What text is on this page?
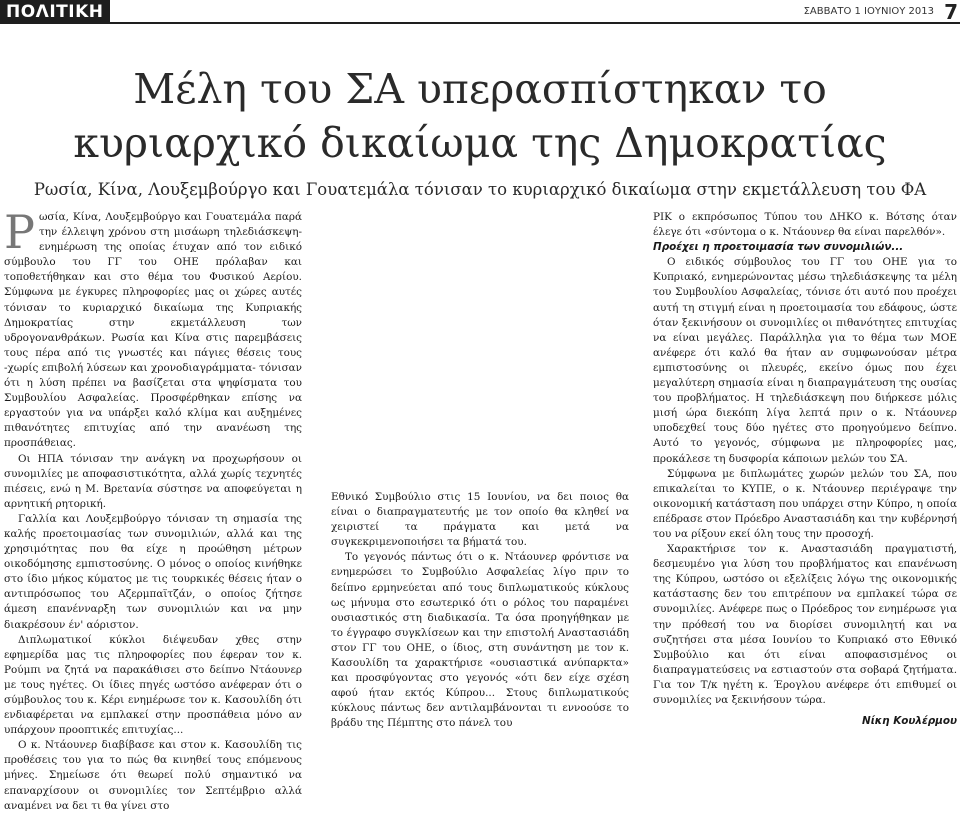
ΠΟΛΙΤΙΚΗ	ΣΑΒΒΑΤΟ 1 ΙΟΥΝΙΟΥ 2013 7
Μέλη του ΣΑ υπερασπίστηκαν το
κυριαρχικό δικαίωμα της Δημοκρατίας
Ρωσία, Κίνα, Λουξεμβούργο και Γουατεμάλα τόνισαν το κυριαρχικό δικαίωμα στην εκμετάλλευση του ΦΑ

Ρωσία, Κίνα, Λουξεμβούργο και Γουατεμάλα παρά την έλλειψη χρόνου στη μισάωρη τηλεδιάσκεψη-ενημέρωση της οποίας έτυχαν από τον ειδικό σύμβουλο του ΓΓ του ΟΗΕ πρόλαβαν και τοποθετήθηκαν και στο θέμα του Φυσικού Αερίου. Σύμφωνα με έγκυρες πληροφορίες μας οι χώρες αυτές τόνισαν το κυριαρχικό δικαίωμα της Κυπριακής Δημοκρατίας στην εκμετάλλευση των υδρογονανθράκων. Ρωσία και Κίνα στις παρεμβάσεις τους πέρα από τις γνωστές και πάγιες θέσεις τους -χωρίς επιβολή λύσεων και χρονοδιαγράμματα- τόνισαν ότι η λύση πρέπει να βασίζεται στα ψηφίσματα του Συμβουλίου Ασφαλείας. Προσφέρθηκαν επίσης να εργαστούν για να υπάρξει καλό κλίμα και αυξημένες πιθανότητες επιτυχίας από την ανανέωση της προσπάθειας.

Οι ΗΠΑ τόνισαν την ανάγκη να προχωρήσουν οι συνομιλίες με αποφασιστικότητα, αλλά χωρίς τεχνητές πιέσεις, ενώ η Μ. Βρετανία σύστησε να αποφεύγεται η αρνητική ρητορική.

Γαλλία και Λουξεμβούργο τόνισαν τη σημασία της καλής προετοιμασίας των συνομιλιών, αλλά και της χρησιμότητας που θα είχε η προώθηση μέτρων οικοδόμησης εμπιστοσύνης. Ο μόνος ο οποίος κινήθηκε στο ίδιο μήκος κύματος με τις τουρκικές θέσεις ήταν ο αντιπρόσωπος του Αζερμπαϊτζάν, ο οποίος ζήτησε άμεση επανένναρξη των συνομιλιών και να μην διακρέσουν έν' αόριστον.

Διπλωματικοί κύκλοι διέψευδαν χθες στην εφημερίδα μας τις πληροφορίες που έφεραν τον κ. Ρούμπι να ζητά να παρακάθισει στο δείπνο Ντάουνερ με τους ηγέτες. Οι ίδιες πηγές ωστόσο ανέφεραν ότι ο σύμβουλος του κ. Κέρι ενημέρωσε τον κ. Κασουλίδη ότι ενδιαφέρεται να εμπλακεί στην προσπάθεια μόνο αν υπάρχουν προοπτικές επιτυχίας...

Ο κ. Ντάουνερ διαβίβασε και στον κ. Κασουλίδη τις προθέσεις του για το πώς θα κινηθεί τους επόμενους μήνες. Σημείωσε ότι θεωρεί πολύ σημαντικό να επαναρχίσουν οι συνομιλίες τον Σεπτέμβριο αλλά αναμένει να δει τι θα γίνει στο

Εθνικό Συμβούλιο στις 15 Ιουνίου, να δει ποιος θα είναι ο διαπραγματευτής με τον οποίο θα κληθεί να χειριστεί τα πράγματα και μετά να συγκεκριμενοποιήσει τα βήματά του.

Το γεγονός πάντως ότι ο κ. Ντάουνερ φρόντισε να ενημερώσει το Συμβούλιο Ασφαλείας λίγο πριν το δείπνο ερμηνεύεται από τους διπλωματικούς κύκλους ως μήνυμα στο εσωτερικό ότι ο ρόλος του παραμένει ουσιαστικός στη διαδικασία. Τα όσα προηγήθηκαν με το έγγραφο συγκλίσεων και την επιστολή Αναστασιάδη στον ΓΓ του ΟΗΕ, ο ίδιος, στη συνάντηση με τον κ. Κασουλίδη τα χαρακτήρισε «ουσιαστικά ανύπαρκτα» και προσφύγοντας στο γεγονός «ότι δεν είχε σχέση αφού ήταν εκτός Κύπρου... Στους διπλωματικούς κύκλους πάντως δεν αντιλαμβάνονται τι εννοούσε το βράδυ της Πέμπτης στο πάνελ του

ΡΙΚ ο εκπρόσωπος Τύπου του ΔΗΚΟ κ. Βότσης όταν έλεγε ότι «σύντομα ο κ. Ντάουνερ θα είναι παρελθόν».

Προέχει η προετοιμασία των συνομιλιών...

Ο ειδικός σύμβουλος του ΓΓ του ΟΗΕ για το Κυπριακό, ενημερώνοντας μέσω τηλεδιάσκεψης τα μέλη του Συμβουλίου Ασφαλείας, τόνισε ότι αυτό που προέχει αυτή τη στιγμή είναι η προετοιμασία του εδάφους, ώστε όταν ξεκινήσουν οι συνομιλίες οι πιθανότητες επιτυχίας να είναι μεγάλες. Παράλληλα για το θέμα των ΜΟΕ ανέφερε ότι καλό θα ήταν αν συμφωνούσαν μέτρα εμπιστοσύνης οι πλευρές, εκείνο όμως που έχει μεγαλύτερη σημασία είναι η διαπραγμάτευση της ουσίας του προβλήματος. Η τηλεδιάσκεψη που διήρκεσε μόλις μισή ώρα διεκόπη λίγα λεπτά πριν ο κ. Ντάουνερ υποδεχθεί τους δύο ηγέτες στο προηγούμενο δείπνο. Αυτό το γεγονός, σύμφωνα με πληροφορίες μας, προκάλεσε τη δυσφορία κάποιων μελών του ΣΑ.

Σύμφωνα με διπλωμάτες χωρών μελών του ΣΑ, που επικαλείται το ΚΥΠΕ, ο κ. Ντάουνερ περιέγραψε την οικονομική κατάσταση που υπάρχει στην Κύπρο, η οποία επέδρασε στον Πρόεδρο Αναστασιάδη και την κυβέρνησή του να ρίξουν εκεί όλη τους την προσοχή.

Χαρακτήρισε τον κ. Αναστασιάδη πραγματιστή, δεσμευμένο για λύση του προβλήματος και επανένωση της Κύπρου, ωστόσο οι εξελίξεις λόγω της οικονομικής κατάστασης δεν του επιτρέπουν να εμπλακεί τώρα σε συνομιλίες. Ανέφερε πως ο Πρόεδρος τον ενημέρωσε για την πρόθεσή του να διορίσει συνομιλητή και να συζητήσει στα μέσα Ιουνίου το Κυπριακό στο Εθνικό Συμβούλιο και ότι είναι αποφασισμένος οι διαπραγματεύσεις να εστιαστούν στα σοβαρά ζητήματα. Για τον Τ/κ ηγέτη κ. Έρογλου ανέφερε ότι επιθυμεί οι συνομιλίες να ξεκινήσουν τώρα.

Νίκη Κουλέρμου
